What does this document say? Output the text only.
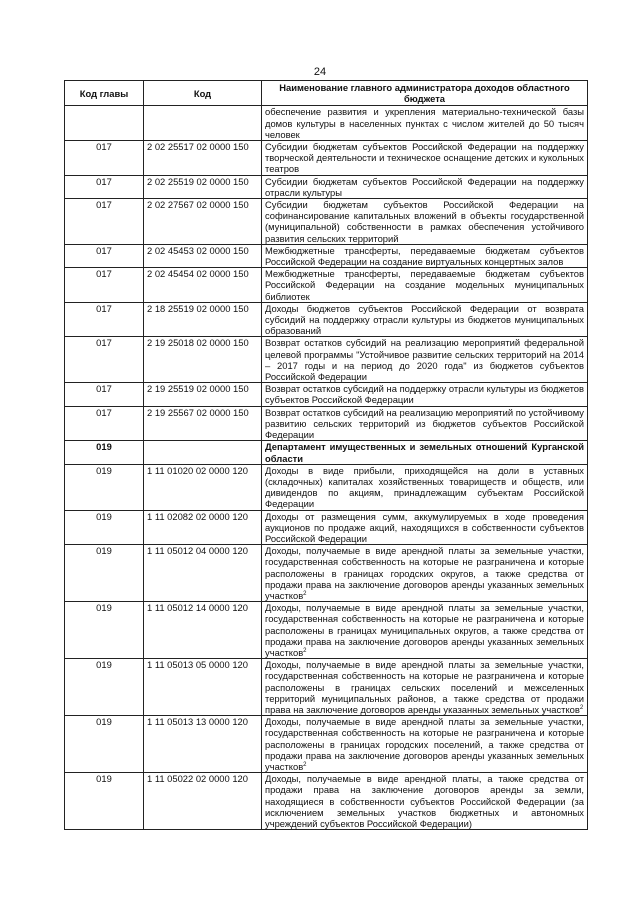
24
Код главы	Код	Наименование главного администратора доходов областного бюджета
		обеспечение развития и укрепления материально-технической базы домов культуры в населенных пунктах с числом жителей до 50 тысяч человек
017	2 02 25517 02 0000 150	Субсидии бюджетам субъектов Российской Федерации на поддержку творческой деятельности и техническое оснащение детских и кукольных театров
017	2 02 25519 02 0000 150	Субсидии бюджетам субъектов Российской Федерации на поддержку отрасли культуры
017	2 02 27567 02 0000 150	Субсидии бюджетам субъектов Российской Федерации на софинансирование капитальных вложений в объекты государственной (муниципальной) собственности в рамках обеспечения устойчивого развития сельских территорий
017	2 02 45453 02 0000 150	Межбюджетные трансферты, передаваемые бюджетам субъектов Российской Федерации на создание виртуальных концертных залов
017	2 02 45454 02 0000 150	Межбюджетные трансферты, передаваемые бюджетам субъектов Российской Федерации на создание модельных муниципальных библиотек
017	2 18 25519 02 0000 150	Доходы бюджетов субъектов Российской Федерации от возврата субсидий на поддержку отрасли культуры из бюджетов муниципальных образований
017	2 19 25018 02 0000 150	Возврат остатков субсидий на реализацию мероприятий федеральной целевой программы "Устойчивое развитие сельских территорий на 2014 – 2017 годы и на период до 2020 года" из бюджетов субъектов Российской Федерации
017	2 19 25519 02 0000 150	Возврат остатков субсидий на поддержку отрасли культуры из бюджетов субъектов Российской Федерации
017	2 19 25567 02 0000 150	Возврат остатков субсидий на реализацию мероприятий по устойчивому развитию сельских территорий из бюджетов субъектов Российской Федерации
019		Департамент имущественных и земельных отношений Курганской области
019	1 11 01020 02 0000 120	Доходы в виде прибыли, приходящейся на доли в уставных (складочных) капиталах хозяйственных товариществ и обществ, или дивидендов по акциям, принадлежащим субъектам Российской Федерации
019	1 11 02082 02 0000 120	Доходы от размещения сумм, аккумулируемых в ходе проведения аукционов по продаже акций, находящихся в собственности субъектов Российской Федерации
019	1 11 05012 04 0000 120	Доходы, получаемые в виде арендной платы за земельные участки, государственная собственность на которые не разграничена и которые расположены в границах городских округов, а также средства от продажи права на заключение договоров аренды указанных земельных участков$^2$
019	1 11 05012 14 0000 120	Доходы, получаемые в виде арендной платы за земельные участки, государственная собственность на которые не разграничена и которые расположены в границах муниципальных округов, а также средства от продажи права на заключение договоров аренды указанных земельных участков$^2$
019	1 11 05013 05 0000 120	Доходы, получаемые в виде арендной платы за земельные участки, государственная собственность на которые не разграничена и которые расположены в границах сельских поселений и межселенных территорий муниципальных районов, а также средства от продажи права на заключение договоров аренды указанных земельных участков$^2$
019	1 11 05013 13 0000 120	Доходы, получаемые в виде арендной платы за земельные участки, государственная собственность на которые не разграничена и которые расположены в границах городских поселений, а также средства от продажи права на заключение договоров аренды указанных земельных участков$^2$
019	1 11 05022 02 0000 120	Доходы, получаемые в виде арендной платы, а также средства от продажи права на заключение договоров аренды за земли, находящиеся в собственности субъектов Российской Федерации (за исключением земельных участков бюджетных и автономных учреждений субъектов Российской Федерации)
